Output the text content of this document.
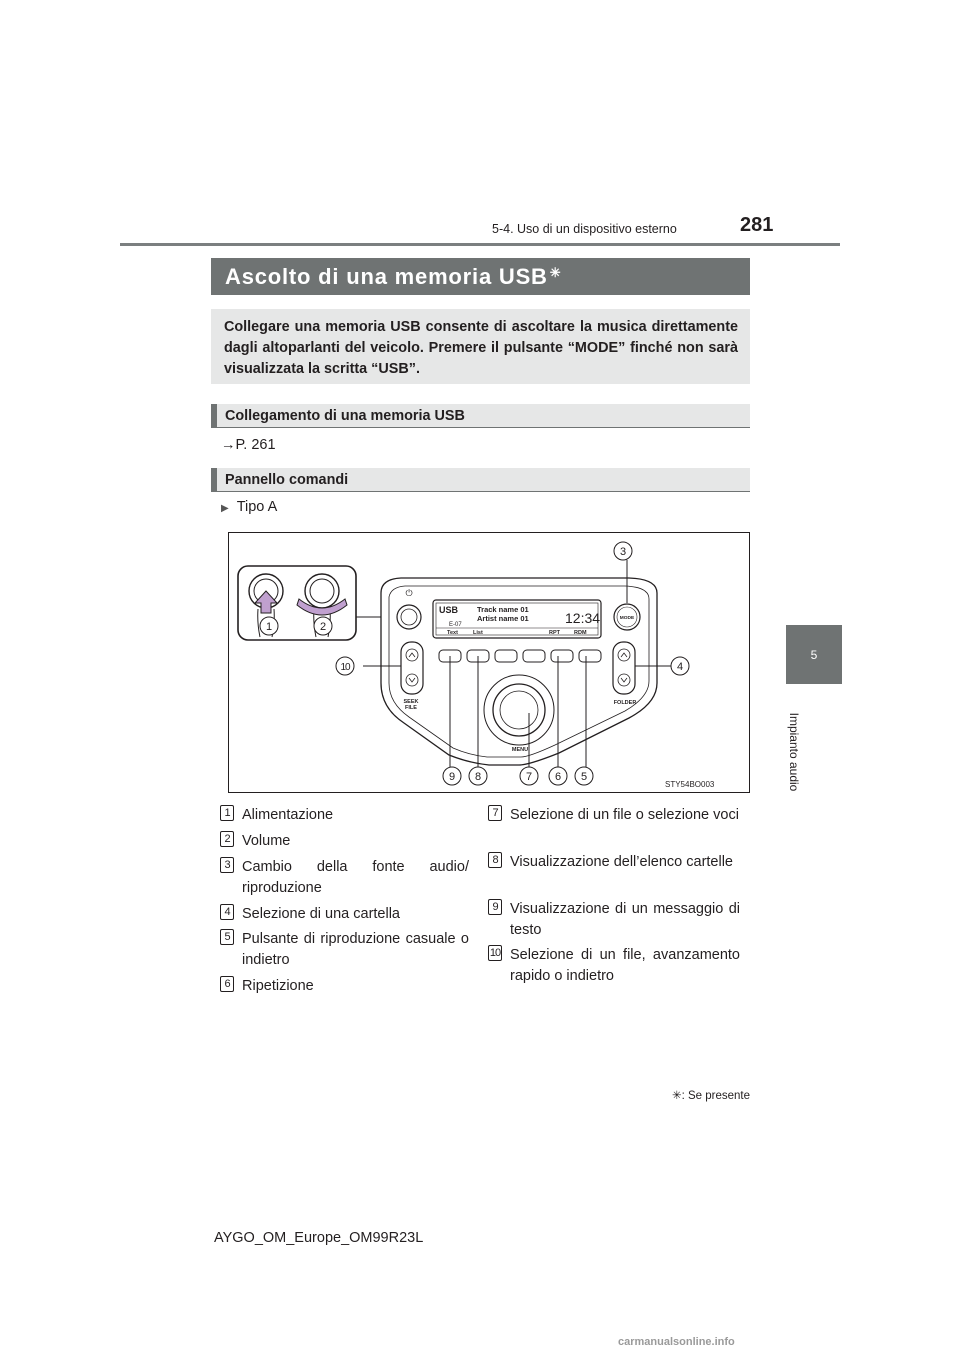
281
5-4. Uso di un dispositivo esterno
5
Impianto audio
Ascolto di una memoria USB ✳
Collegare una memoria USB consente di ascoltare la musica direttamente dagli altoparlanti del veicolo. Premere il pulsante “MODE” finché non sarà visualizzata la scritta “USB”.
Collegamento di una memoria USB
→P. 261
Pannello comandi
▶ Tipo A
⏻
USB	Track name 01
Artist name 01
E-07	12:34
Text	List	RPT	RDM
MODE
SEEK
FILE
FOLDER
MENU
1	2
3
4
5
6
7
8
9
10
STY54BO003
1 Alimentazione
2 Volume
3 Cambio della fonte audio/ riproduzione
4 Selezione di una cartella
5 Pulsante di riproduzione casuale o indietro
6 Ripetizione
7 Selezione di un file o selezione voci
8 Visualizzazione dell’elenco cartelle
9 Visualizzazione di un messaggio di testo
10 Selezione di un file, avanzamento rapido o indietro
✳: Se presente
AYGO_OM_Europe_OM99R23L
carmanualsonline.info
